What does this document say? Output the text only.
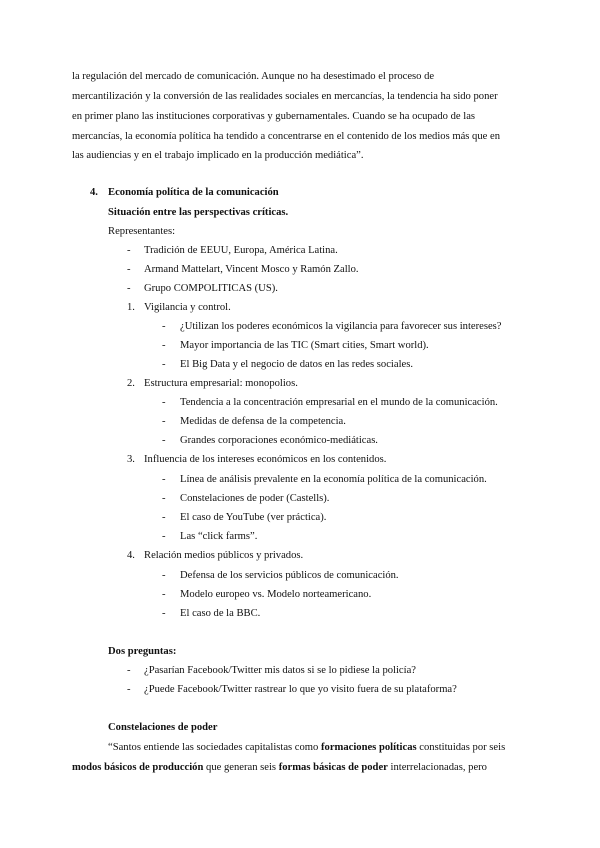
la regulación del mercado de comunicación. Aunque no ha desestimado el proceso de
mercantilización y la conversión de las realidades sociales en mercancías, la tendencia ha sido poner
en primer plano las instituciones corporativas y gubernamentales. Cuando se ha ocupado de las
mercancías, la economía política ha tendido a concentrarse en el contenido de los medios más que en
las audiencias y en el trabajo implicado en la producción mediática”.
4. Economía política de la comunicación
Situación entre las perspectivas críticas.
Representantes:
- Tradición de EEUU, Europa, América Latina.
- Armand Mattelart, Vincent Mosco y Ramón Zallo.
- Grupo COMPOLITICAS (US).
1. Vigilancia y control.
- ¿Utilizan los poderes económicos la vigilancia para favorecer sus intereses?
- Mayor importancia de las TIC (Smart cities, Smart world).
- El Big Data y el negocio de datos en las redes sociales.
2. Estructura empresarial: monopolios.
- Tendencia a la concentración empresarial en el mundo de la comunicación.
- Medidas de defensa de la competencia.
- Grandes corporaciones económico-mediáticas.
3. Influencia de los intereses económicos en los contenidos.
- Línea de análisis prevalente en la economía política de la comunicación.
- Constelaciones de poder (Castells).
- El caso de YouTube (ver práctica).
- Las “click farms”.
4. Relación medios públicos y privados.
- Defensa de los servicios públicos de comunicación.
- Modelo europeo vs. Modelo norteamericano.
- El caso de la BBC.
Dos preguntas:
- ¿Pasarían Facebook/Twitter mis datos si se lo pidiese la policía?
- ¿Puede Facebook/Twitter rastrear lo que yo visito fuera de su plataforma?
Constelaciones de poder
“Santos entiende las sociedades capitalistas como formaciones políticas constituidas por seis
modos básicos de producción que generan seis formas básicas de poder interrelacionadas, pero
